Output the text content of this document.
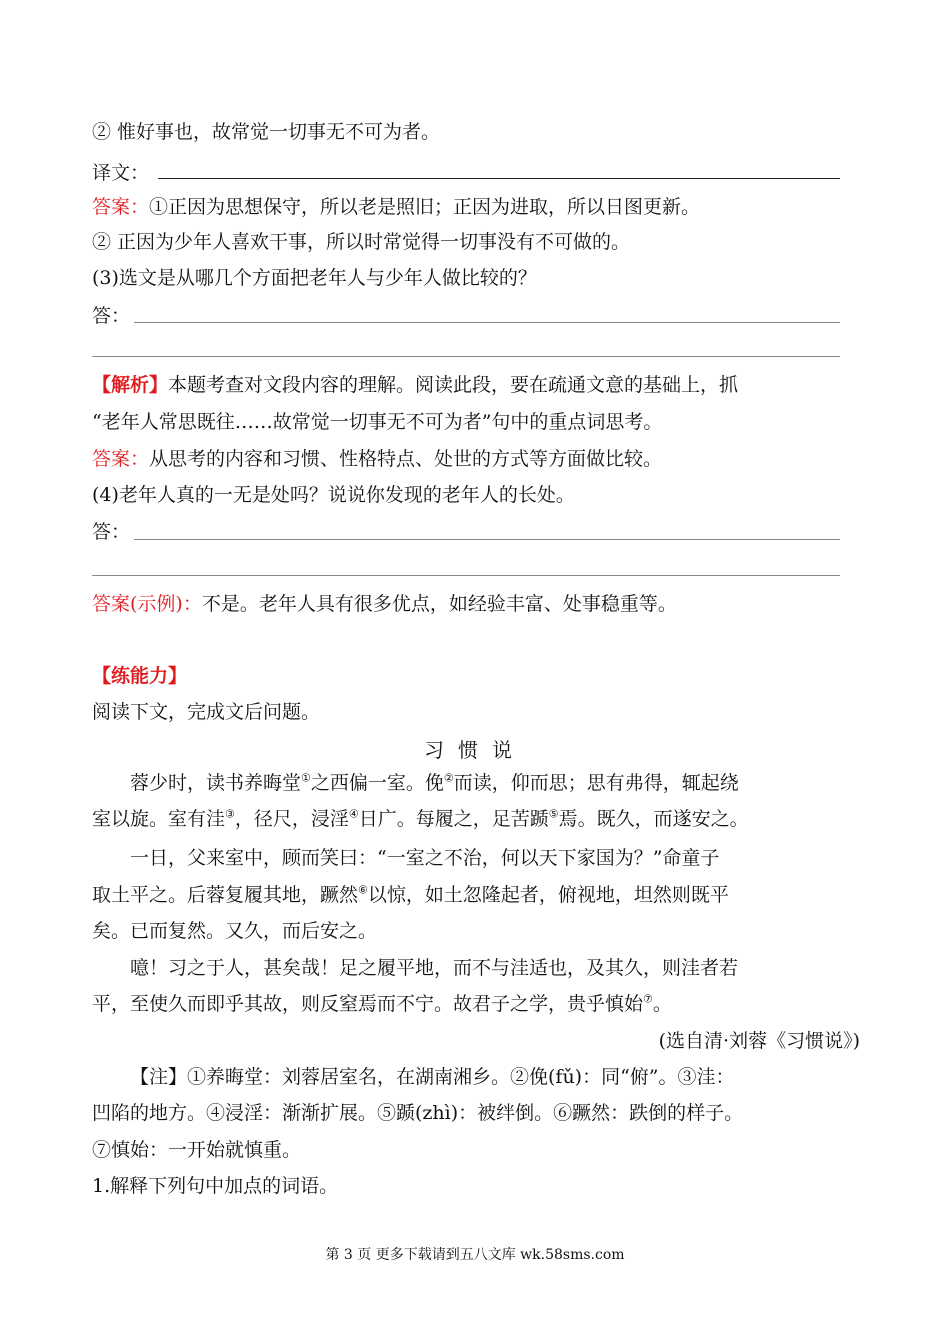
② 惟好事也，故常觉一切事无不可为者。
译文：
答案：①正因为思想保守，所以老是照旧；正因为进取，所以日图更新。
② 正因为少年人喜欢干事，所以时常觉得一切事没有不可做的。
(3)选文是从哪几个方面把老年人与少年人做比较的？
答：
【解析】本题考查对文段内容的理解。阅读此段，要在疏通文意的基础上，抓
“老年人常思既往……故常觉一切事无不可为者”句中的重点词思考。
答案：从思考的内容和习惯、性格特点、处世的方式等方面做比较。
(4)老年人真的一无是处吗？说说你发现的老年人的长处。
答：
答案(示例)：不是。老年人具有很多优点，如经验丰富、处事稳重等。
【练能力】
阅读下文，完成文后问题。
习惯说
蓉少时，读书养晦堂①之西偏一室。俛②而读，仰而思；思有弗得，辄起绕
室以旋。室有洼③，径尺，浸淫④日广。每履之，足苦踬⑤焉。既久，而遂安之。
一日，父来室中，顾而笑曰：“一室之不治，何以天下家国为？”命童子
取土平之。后蓉复履其地，蹶然⑥以惊，如土忽隆起者，俯视地，坦然则既平
矣。已而复然。又久，而后安之。
噫！习之于人，甚矣哉！足之履平地，而不与洼适也，及其久，则洼者若
平，至使久而即乎其故，则反窒焉而不宁。故君子之学，贵乎慎始⑦。
(选自清·刘蓉《习惯说》)
【注】①养晦堂：刘蓉居室名，在湖南湘乡。②俛(fǔ)：同“俯”。③洼：
凹陷的地方。④浸淫：渐渐扩展。⑤踬(zhì)：被绊倒。⑥蹶然：跌倒的样子。
⑦慎始：一开始就慎重。
1.解释下列句中加点的词语。
第 3 页 更多下载请到五八文库 wk.58sms.com
